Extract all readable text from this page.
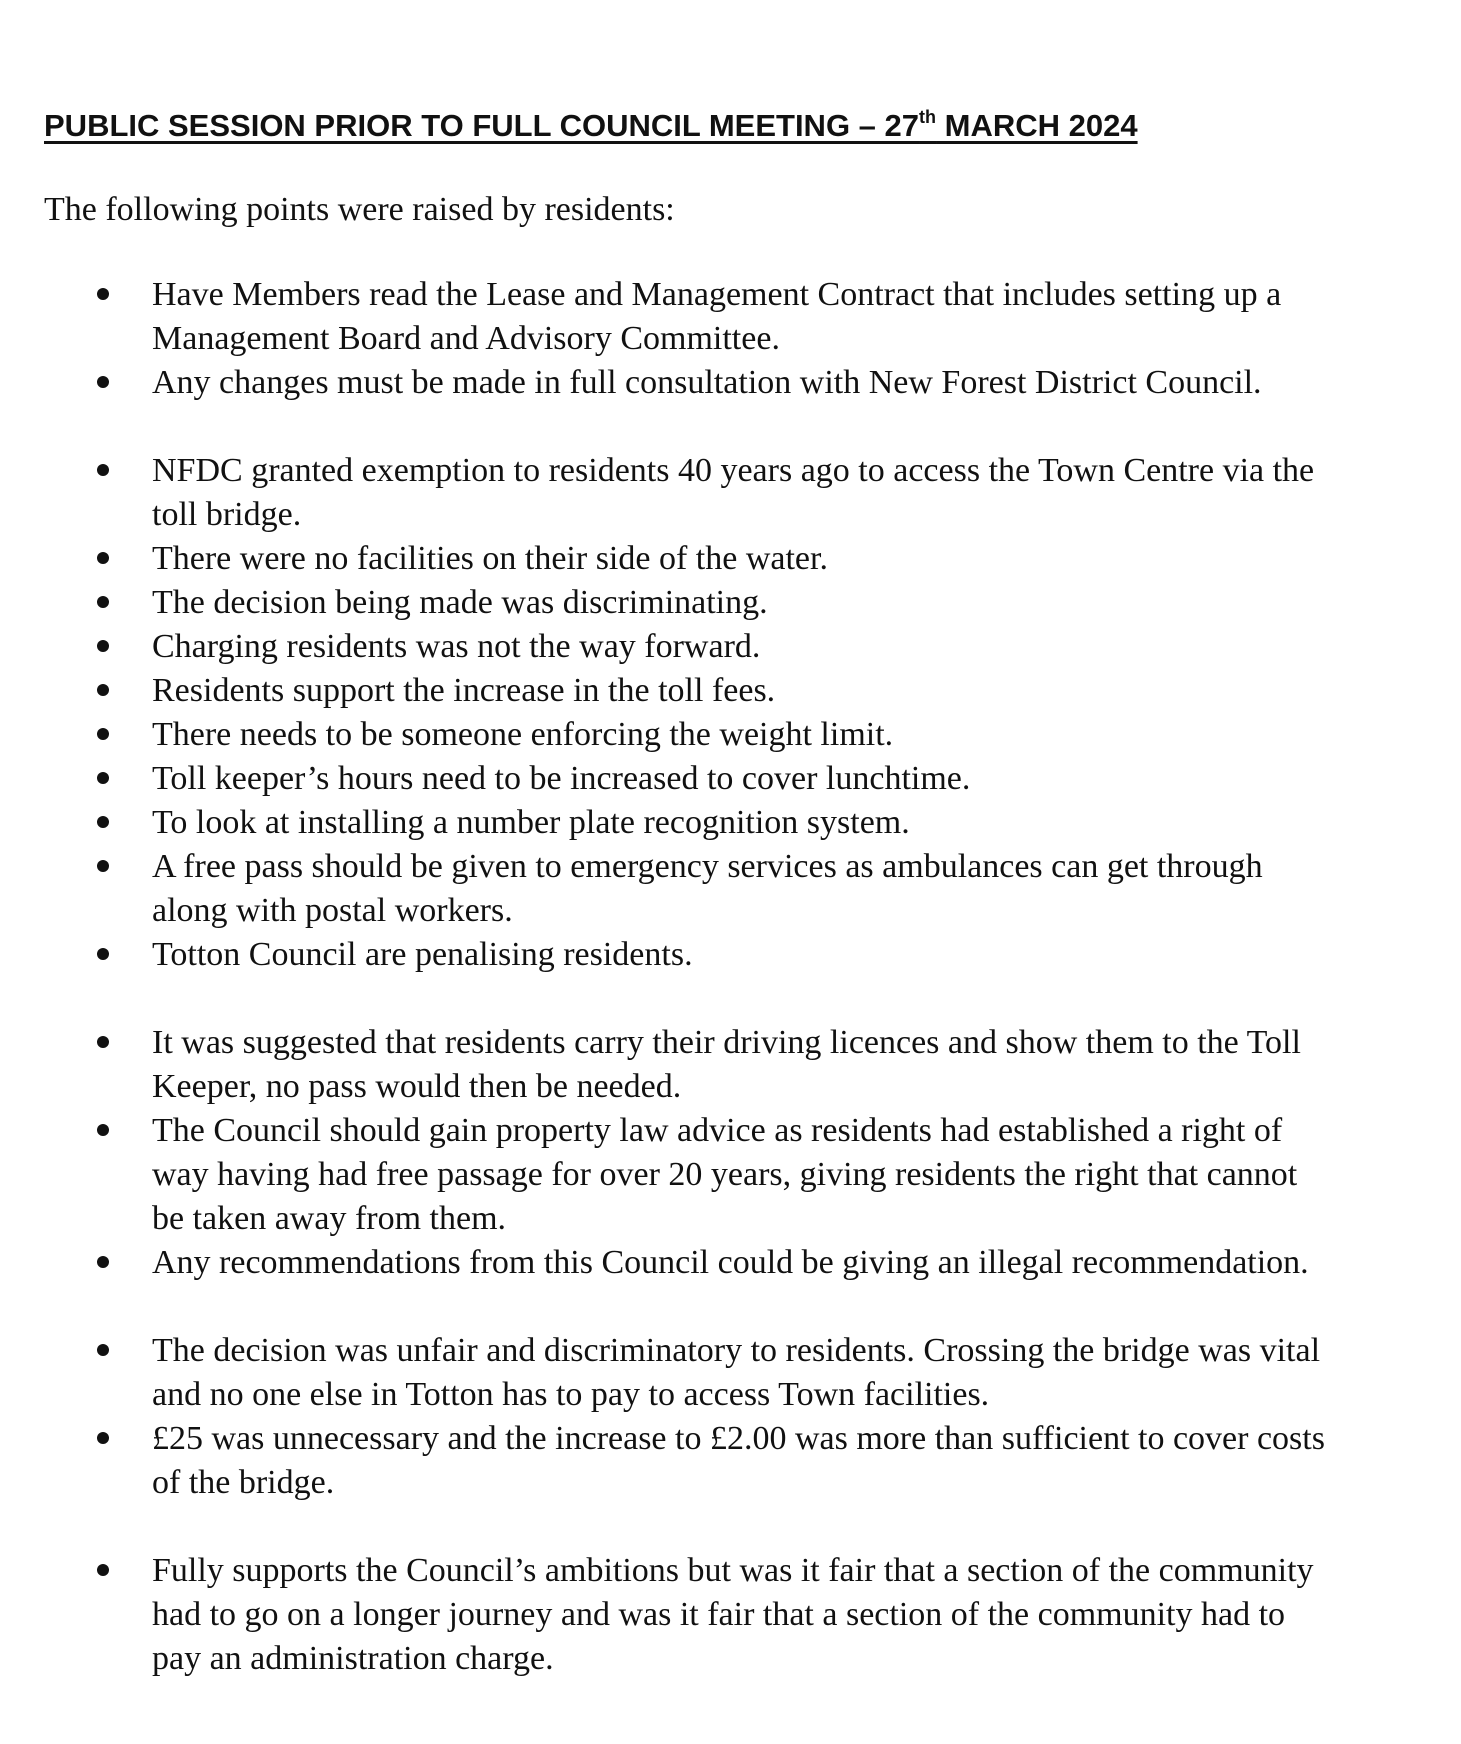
PUBLIC SESSION PRIOR TO FULL COUNCIL MEETING – 27th MARCH 2024

The following points were raised by residents:

Have Members read the Lease and Management Contract that includes setting up a
Management Board and Advisory Committee.
Any changes must be made in full consultation with New Forest District Council.
NFDC granted exemption to residents 40 years ago to access the Town Centre via the
toll bridge.
There were no facilities on their side of the water.
The decision being made was discriminating.
Charging residents was not the way forward.
Residents support the increase in the toll fees.
There needs to be someone enforcing the weight limit.
Toll keeper’s hours need to be increased to cover lunchtime.
To look at installing a number plate recognition system.
A free pass should be given to emergency services as ambulances can get through
along with postal workers.
Totton Council are penalising residents.
It was suggested that residents carry their driving licences and show them to the Toll
Keeper, no pass would then be needed.
The Council should gain property law advice as residents had established a right of
way having had free passage for over 20 years, giving residents the right that cannot
be taken away from them.
Any recommendations from this Council could be giving an illegal recommendation.
The decision was unfair and discriminatory to residents. Crossing the bridge was vital
and no one else in Totton has to pay to access Town facilities.
£25 was unnecessary and the increase to £2.00 was more than sufficient to cover costs
of the bridge.
Fully supports the Council’s ambitions but was it fair that a section of the community
had to go on a longer journey and was it fair that a section of the community had to
pay an administration charge.
